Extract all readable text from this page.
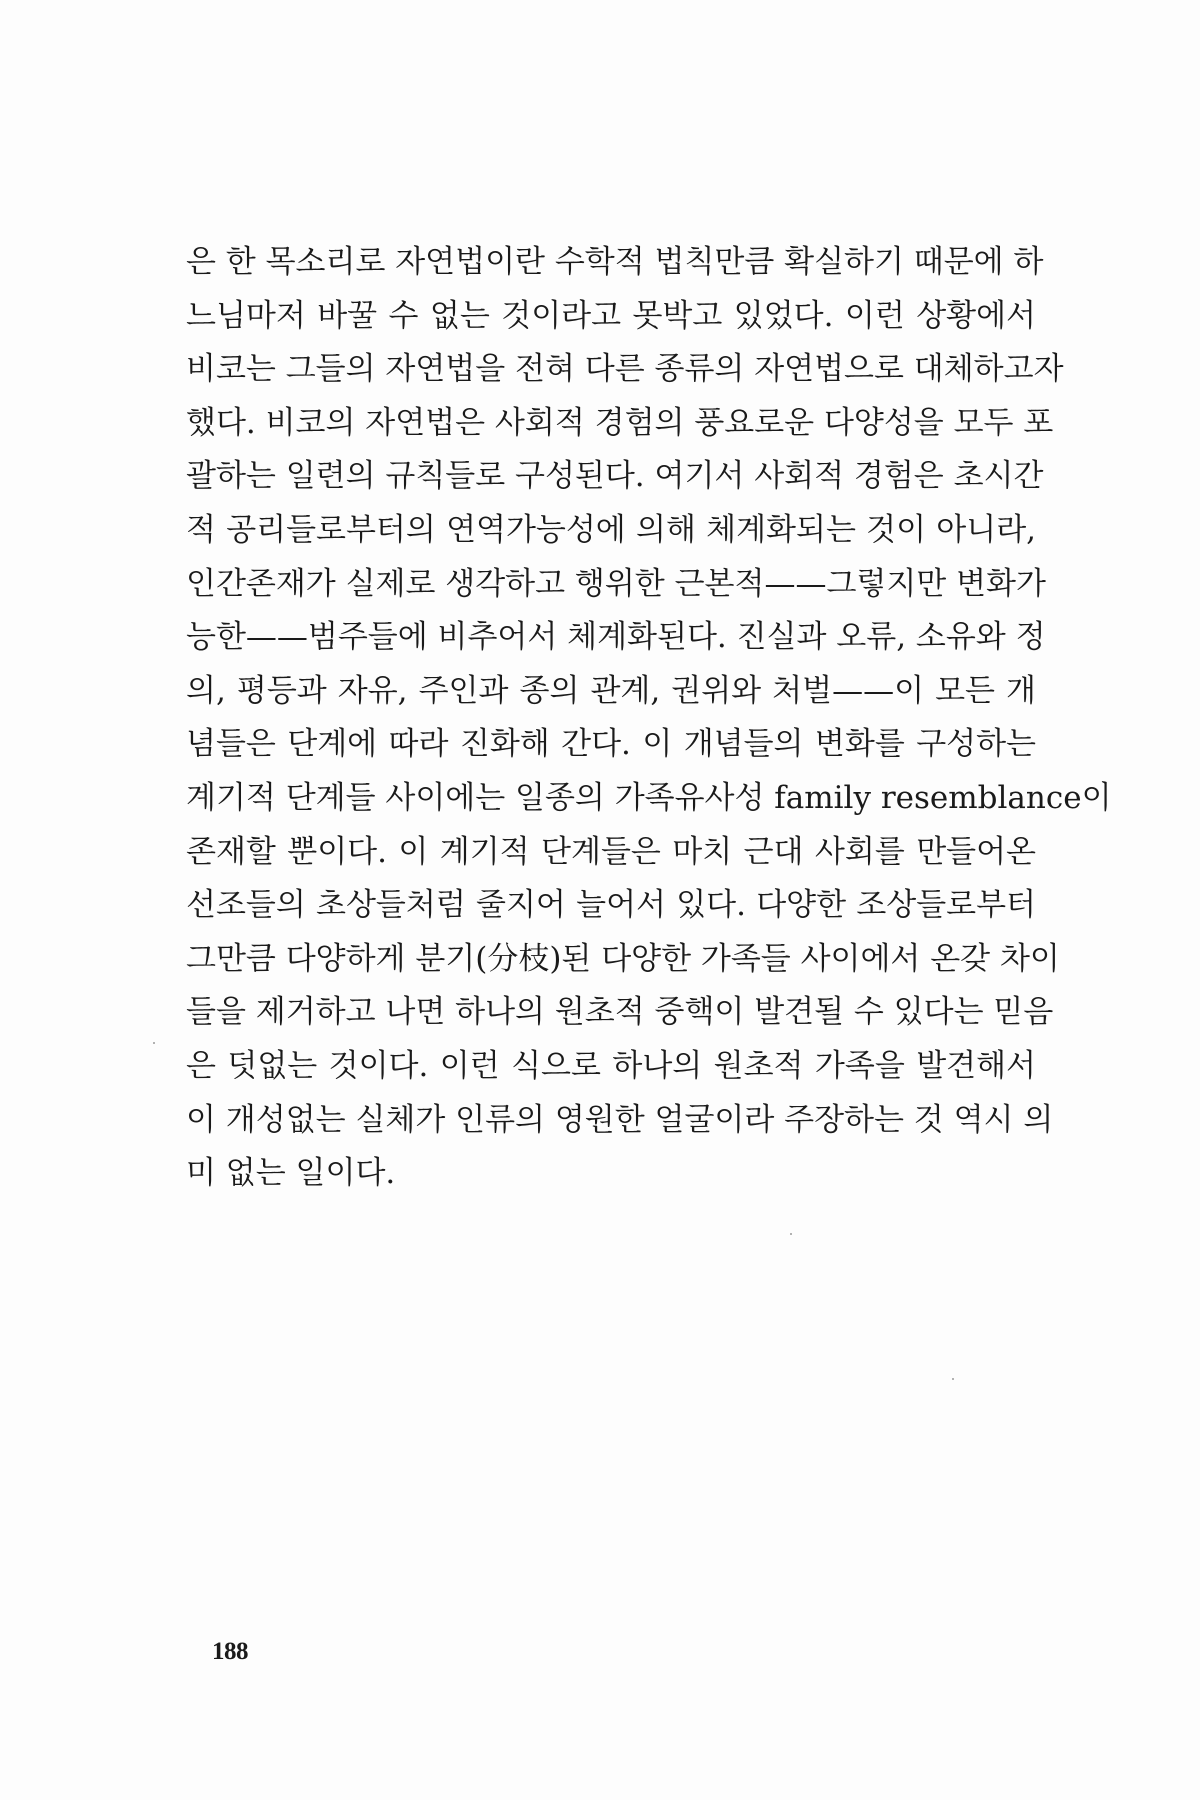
은 한 목소리로 자연법이란 수학적 법칙만큼 확실하기 때문에 하
느님마저 바꿀 수 없는 것이라고 못박고 있었다. 이런 상황에서
비코는 그들의 자연법을 전혀 다른 종류의 자연법으로 대체하고자
했다. 비코의 자연법은 사회적 경험의 풍요로운 다양성을 모두 포
괄하는 일련의 규칙들로 구성된다. 여기서 사회적 경험은 초시간
적 공리들로부터의 연역가능성에 의해 체계화되는 것이 아니라,
인간존재가 실제로 생각하고 행위한 근본적——그렇지만 변화가
능한——범주들에 비추어서 체계화된다. 진실과 오류, 소유와 정
의, 평등과 자유, 주인과 종의 관계, 권위와 처벌——이 모든 개
념들은 단계에 따라 진화해 간다. 이 개념들의 변화를 구성하는
계기적 단계들 사이에는 일종의 가족유사성 family resemblance이
존재할 뿐이다. 이 계기적 단계들은 마치 근대 사회를 만들어온
선조들의 초상들처럼 줄지어 늘어서 있다. 다양한 조상들로부터
그만큼 다양하게 분기(分枝)된 다양한 가족들 사이에서 온갖 차이
들을 제거하고 나면 하나의 원초적 중핵이 발견될 수 있다는 믿음
은 덧없는 것이다. 이런 식으로 하나의 원초적 가족을 발견해서
이 개성없는 실체가 인류의 영원한 얼굴이라 주장하는 것 역시 의
미 없는 일이다.
188
